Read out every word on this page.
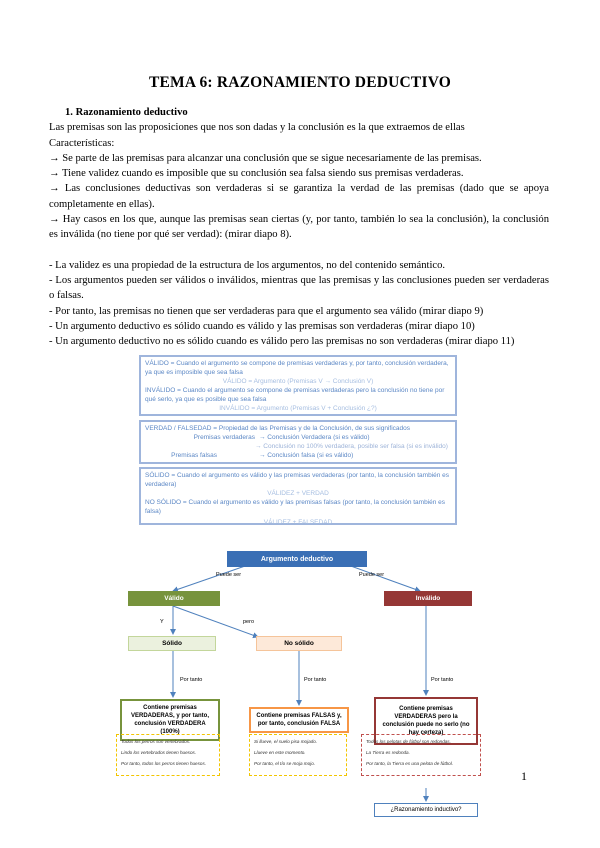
TEMA 6: RAZONAMIENTO DEDUCTIVO

1. Razonamiento deductivo

Las premisas son las proposiciones que nos son dadas y la conclusión es la que extraemos de ellas

Características:

→ Se parte de las premisas para alcanzar una conclusión que se sigue necesariamente de las premisas.

→ Tiene validez cuando es imposible que su conclusión sea falsa siendo sus premisas verdaderas.

→ Las conclusiones deductivas son verdaderas si se garantiza la verdad de las premisas (dado que se apoya completamente en ellas).

→ Hay casos en los que, aunque las premisas sean ciertas (y, por tanto, también lo sea la conclusión), la conclusión es inválida (no tiene por qué ser verdad): (mirar diapo 8).

- La validez es una propiedad de la estructura de los argumentos, no del contenido semántico.

- Los argumentos pueden ser válidos o inválidos, mientras que las premisas y las conclusiones pueden ser verdaderas o falsas.

- Por tanto, las premisas no tienen que ser verdaderas para que el argumento sea válido (mirar diapo 9)

- Un argumento deductivo es sólido cuando es válido y las premisas son verdaderas (mirar diapo 10)

- Un argumento deductivo no es sólido cuando es válido pero las premisas no son verdaderas (mirar diapo 11)

VÁLIDO = Cuando el argumento se compone de premisas verdaderas y, por tanto, conclusión verdadera, ya que es imposible que sea falsa
VÁLIDO = Argumento (Premisas V → Conclusión V)
INVÁLIDO = Cuando el argumento se compone de premisas verdaderas pero la conclusión no tiene por qué serlo, ya que es posible que sea falsa
INVÁLIDO = Argumento (Premisas V + Conclusión ¿?)
VERDAD / FALSEDAD = Propiedad de las Premisas y de la Conclusión, de sus significados
Premisas verdaderas → Conclusión Verdadera (si es válido)
→ Conclusión no 100% verdadera, posible ser falsa (si es inválido)
Premisas falsas	→ Conclusión falsa (si es válido)
SÓLIDO = Cuando el argumento es válido y las premisas verdaderas (por tanto, la conclusión también es verdadera)
VÁLIDEZ + VERDAD
NO SÓLIDO = Cuando el argumento es válido y las premisas falsas (por tanto, la conclusión también es falsa)
VÁLIDEZ + FALSEDAD
Argumento deductivo
Puede ser	Puede ser
Válido	Inválido
Y	pero
Sólido	No sólido
Por tanto	Por tanto	Por tanto
Contiene premisas VERDADERAS, y por tanto, conclusión VERDADERA (100%)
Contiene premisas FALSAS y, por tanto, conclusión FALSA
Contiene premisas VERDADERAS pero la conclusión puede no serlo (no hay certeza)
Todos los perros son vertebrados.
Lindo los vertebrados tienen huesos.
Por tanto, todos los perros tienen huesos.
Si llueve, el suelo pisa mojado.
Llueve en este momento.
Por tanto, el tío se moja mojo.
Todos los pelotas de fútbol son redondas.
La Tierra es redonda.
Por tanto, la Tierra es una pelota de fútbol.
¿Razonamiento inductivo?
1
